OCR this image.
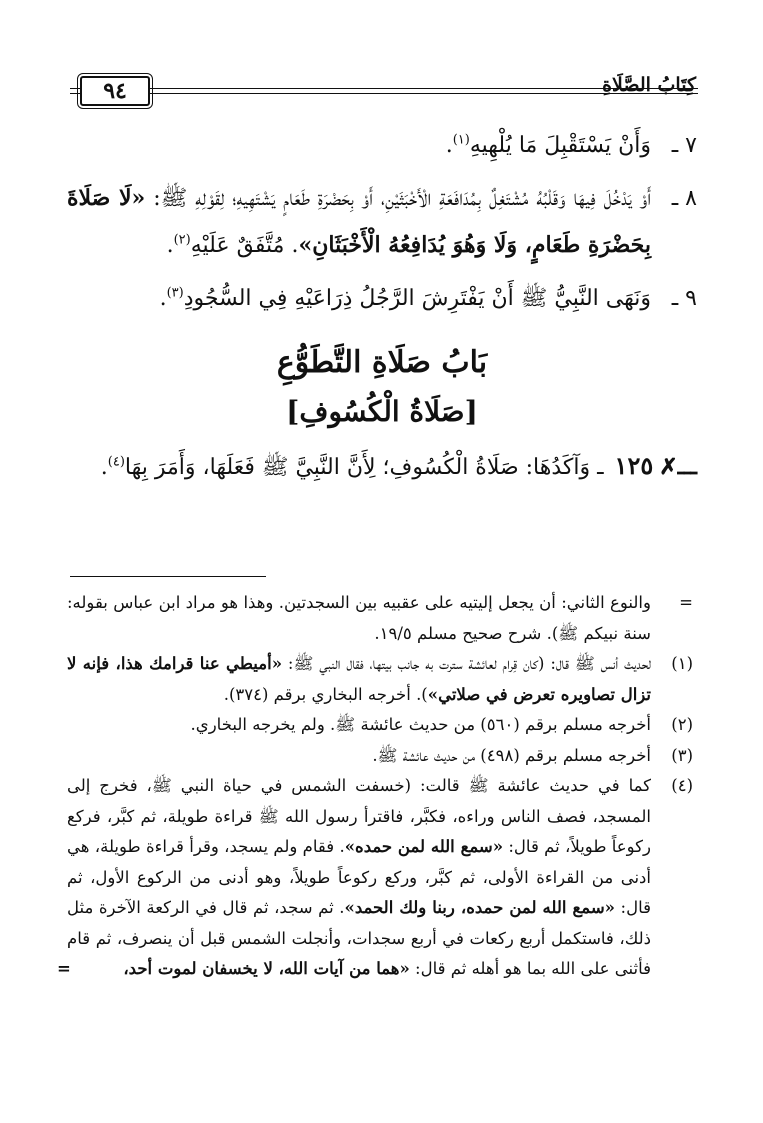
كِتَابُ الصَّلَاةِ
٩٤
٧ ـ
وَأَنْ يَسْتَقْبِلَ مَا يُلْهِيهِ$^{(١)}$.
٨ ـ
أَوْ يَدْخُلَ فِيهَا وَقَلْبُهُ مُشْتَغِلٌ بِمُدَافَعَةِ الْأَخْبَثَيْنِ، أَوْ بِحَضْرَةِ طَعَامٍ يَشْتَهِيهِ؛ لِقَوْلِهِ ﷺ: «لَا صَلَاةَ بِحَضْرَةِ طَعَامٍ، وَلَا وَهُوَ يُدَافِعُهُ الْأَخْبَثَانِ». مُتَّفَقٌ عَلَيْهِ$^{(٢)}$.
٩ ـ
وَنَهَى النَّبِيُّ ﷺ أَنْ يَفْتَرِشَ الرَّجُلُ ذِرَاعَيْهِ فِي السُّجُودِ$^{(٣)}$.
بَابُ صَلَاةِ التَّطَوُّعِ
[صَلَاةُ الْكُسُوفِ]
ـــ✗١٢٥ ـ وَآكَدُهَا: صَلَاةُ الْكُسُوفِ؛ لِأَنَّ النَّبِيَّ ﷺ فَعَلَهَا، وَأَمَرَ بِهَا$^{(٤)}$.
=
والنوع الثاني: أن يجعل إليتيه على عقبيه بين السجدتين. وهذا هو مراد ابن عباس بقوله: سنة نبيكم ﷺ). شرح صحيح مسلم ١٩/٥.
(١)
لحديث أنس ﷺ قال: (كان قِرام لعائشة سترت به جانب بيتها، فقال النبي ﷺ: «أميطي عنا قرامك هذا، فإنه لا تزال تصاويره تعرض في صلاتي»). أخرجه البخاري برقم (٣٧٤).
(٢)
أخرجه مسلم برقم (٥٦٠) من حديث عائشة ﷺ. ولم يخرجه البخاري.
(٣)
أخرجه مسلم برقم (٤٩٨) من حديث عائشة ﷺ.
(٤)
كما في حديث عائشة ﷺ قالت: (خسفت الشمس في حياة النبي ﷺ، فخرج إلى المسجد، فصف الناس وراءه، فكبَّر، فاقترأ رسول الله ﷺ قراءة طويلة، ثم كبَّر، فركع ركوعاً طويلاً، ثم قال: «سمع الله لمن حمده». فقام ولم يسجد، وقرأ قراءة طويلة، هي أدنى من القراءة الأولى، ثم كبَّر، وركع ركوعاً طويلاً، وهو أدنى من الركوع الأول، ثم قال: «سمع الله لمن حمده، ربنا ولك الحمد». ثم سجد، ثم قال في الركعة الآخرة مثل ذلك، فاستكمل أربع ركعات في أربع سجدات، وأنجلت الشمس قبل أن ينصرف، ثم قام فأثنى على الله بما هو أهله ثم قال: «هما من آيات الله، لا يخسفان لموت أحد،
=
